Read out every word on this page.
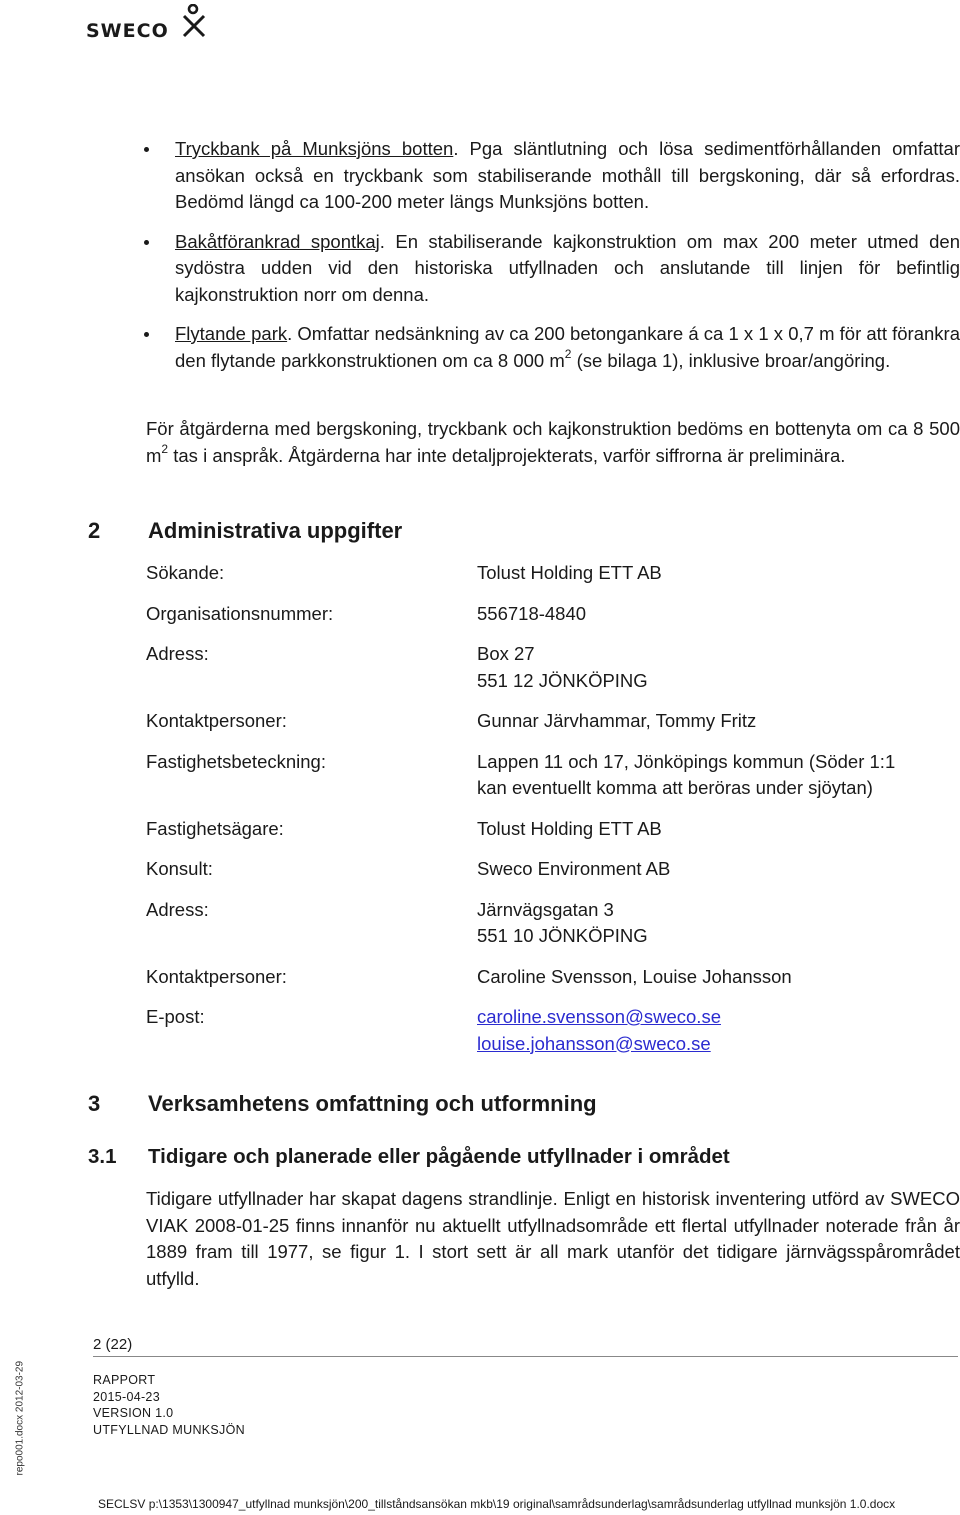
SWECO
Tryckbank på Munksjöns botten. Pga släntlutning och lösa sedimentförhållanden omfattar ansökan också en tryckbank som stabiliserande mothåll till bergskoning, där så erfordras. Bedömd längd ca 100-200 meter längs Munksjöns botten.
Bakåtförankrad spontkaj. En stabiliserande kajkonstruktion om max 200 meter utmed den sydöstra udden vid den historiska utfyllnaden och anslutande till linjen för befintlig kajkonstruktion norr om denna.
Flytande park. Omfattar nedsänkning av ca 200 betongankare á ca 1 x 1 x 0,7 m för att förankra den flytande parkkonstruktionen om ca 8 000 $m^2$ (se bilaga 1), inklusive broar/angöring.

För åtgärderna med bergskoning, tryckbank och kajkonstruktion bedöms en bottenyta om ca 8 500 $m^2$ tas i anspråk. Åtgärderna har inte detaljprojekterats, varför siffrorna är preliminära.

2 Administrativa uppgifter
Sökande:	Tolust Holding ETT AB
Organisationsnummer:	556718-4840
Adress:	Box 27
551 12 JÖNKÖPING
Kontaktpersoner:	Gunnar Järvhammar, Tommy Fritz
Fastighetsbeteckning:	Lappen 11 och 17, Jönköpings kommun (Söder 1:1
kan eventuellt komma att beröras under sjöytan)
Fastighetsägare:	Tolust Holding ETT AB
Konsult:	Sweco Environment AB
Adress:	Järnvägsgatan 3
551 10 JÖNKÖPING
Kontaktpersoner:	Caroline Svensson, Louise Johansson
E-post:	caroline.svensson@sweco.se
louise.johansson@sweco.se
3 Verksamhetens omfattning och utformning
3.1 Tidigare och planerade eller pågående utfyllnader i området

Tidigare utfyllnader har skapat dagens strandlinje. Enligt en historisk inventering utförd av SWECO VIAK 2008-01-25 finns innanför nu aktuellt utfyllnadsområde ett flertal utfyllnader noterade från år 1889 fram till 1977, se figur 1. I stort sett är all mark utanför det tidigare järnvägsspårområdet utfylld.

2 (22)
RAPPORT
2015-04-23
VERSION 1.0
UTFYLLNAD MUNKSJÖN
repo001.docx 2012-03-29
SECLSV p:\1353\1300947_utfyllnad munksjön\200_tillståndsansökan mkb\19 original\samrådsunderlag\samrådsunderlag utfyllnad munksjön 1.0.docx
